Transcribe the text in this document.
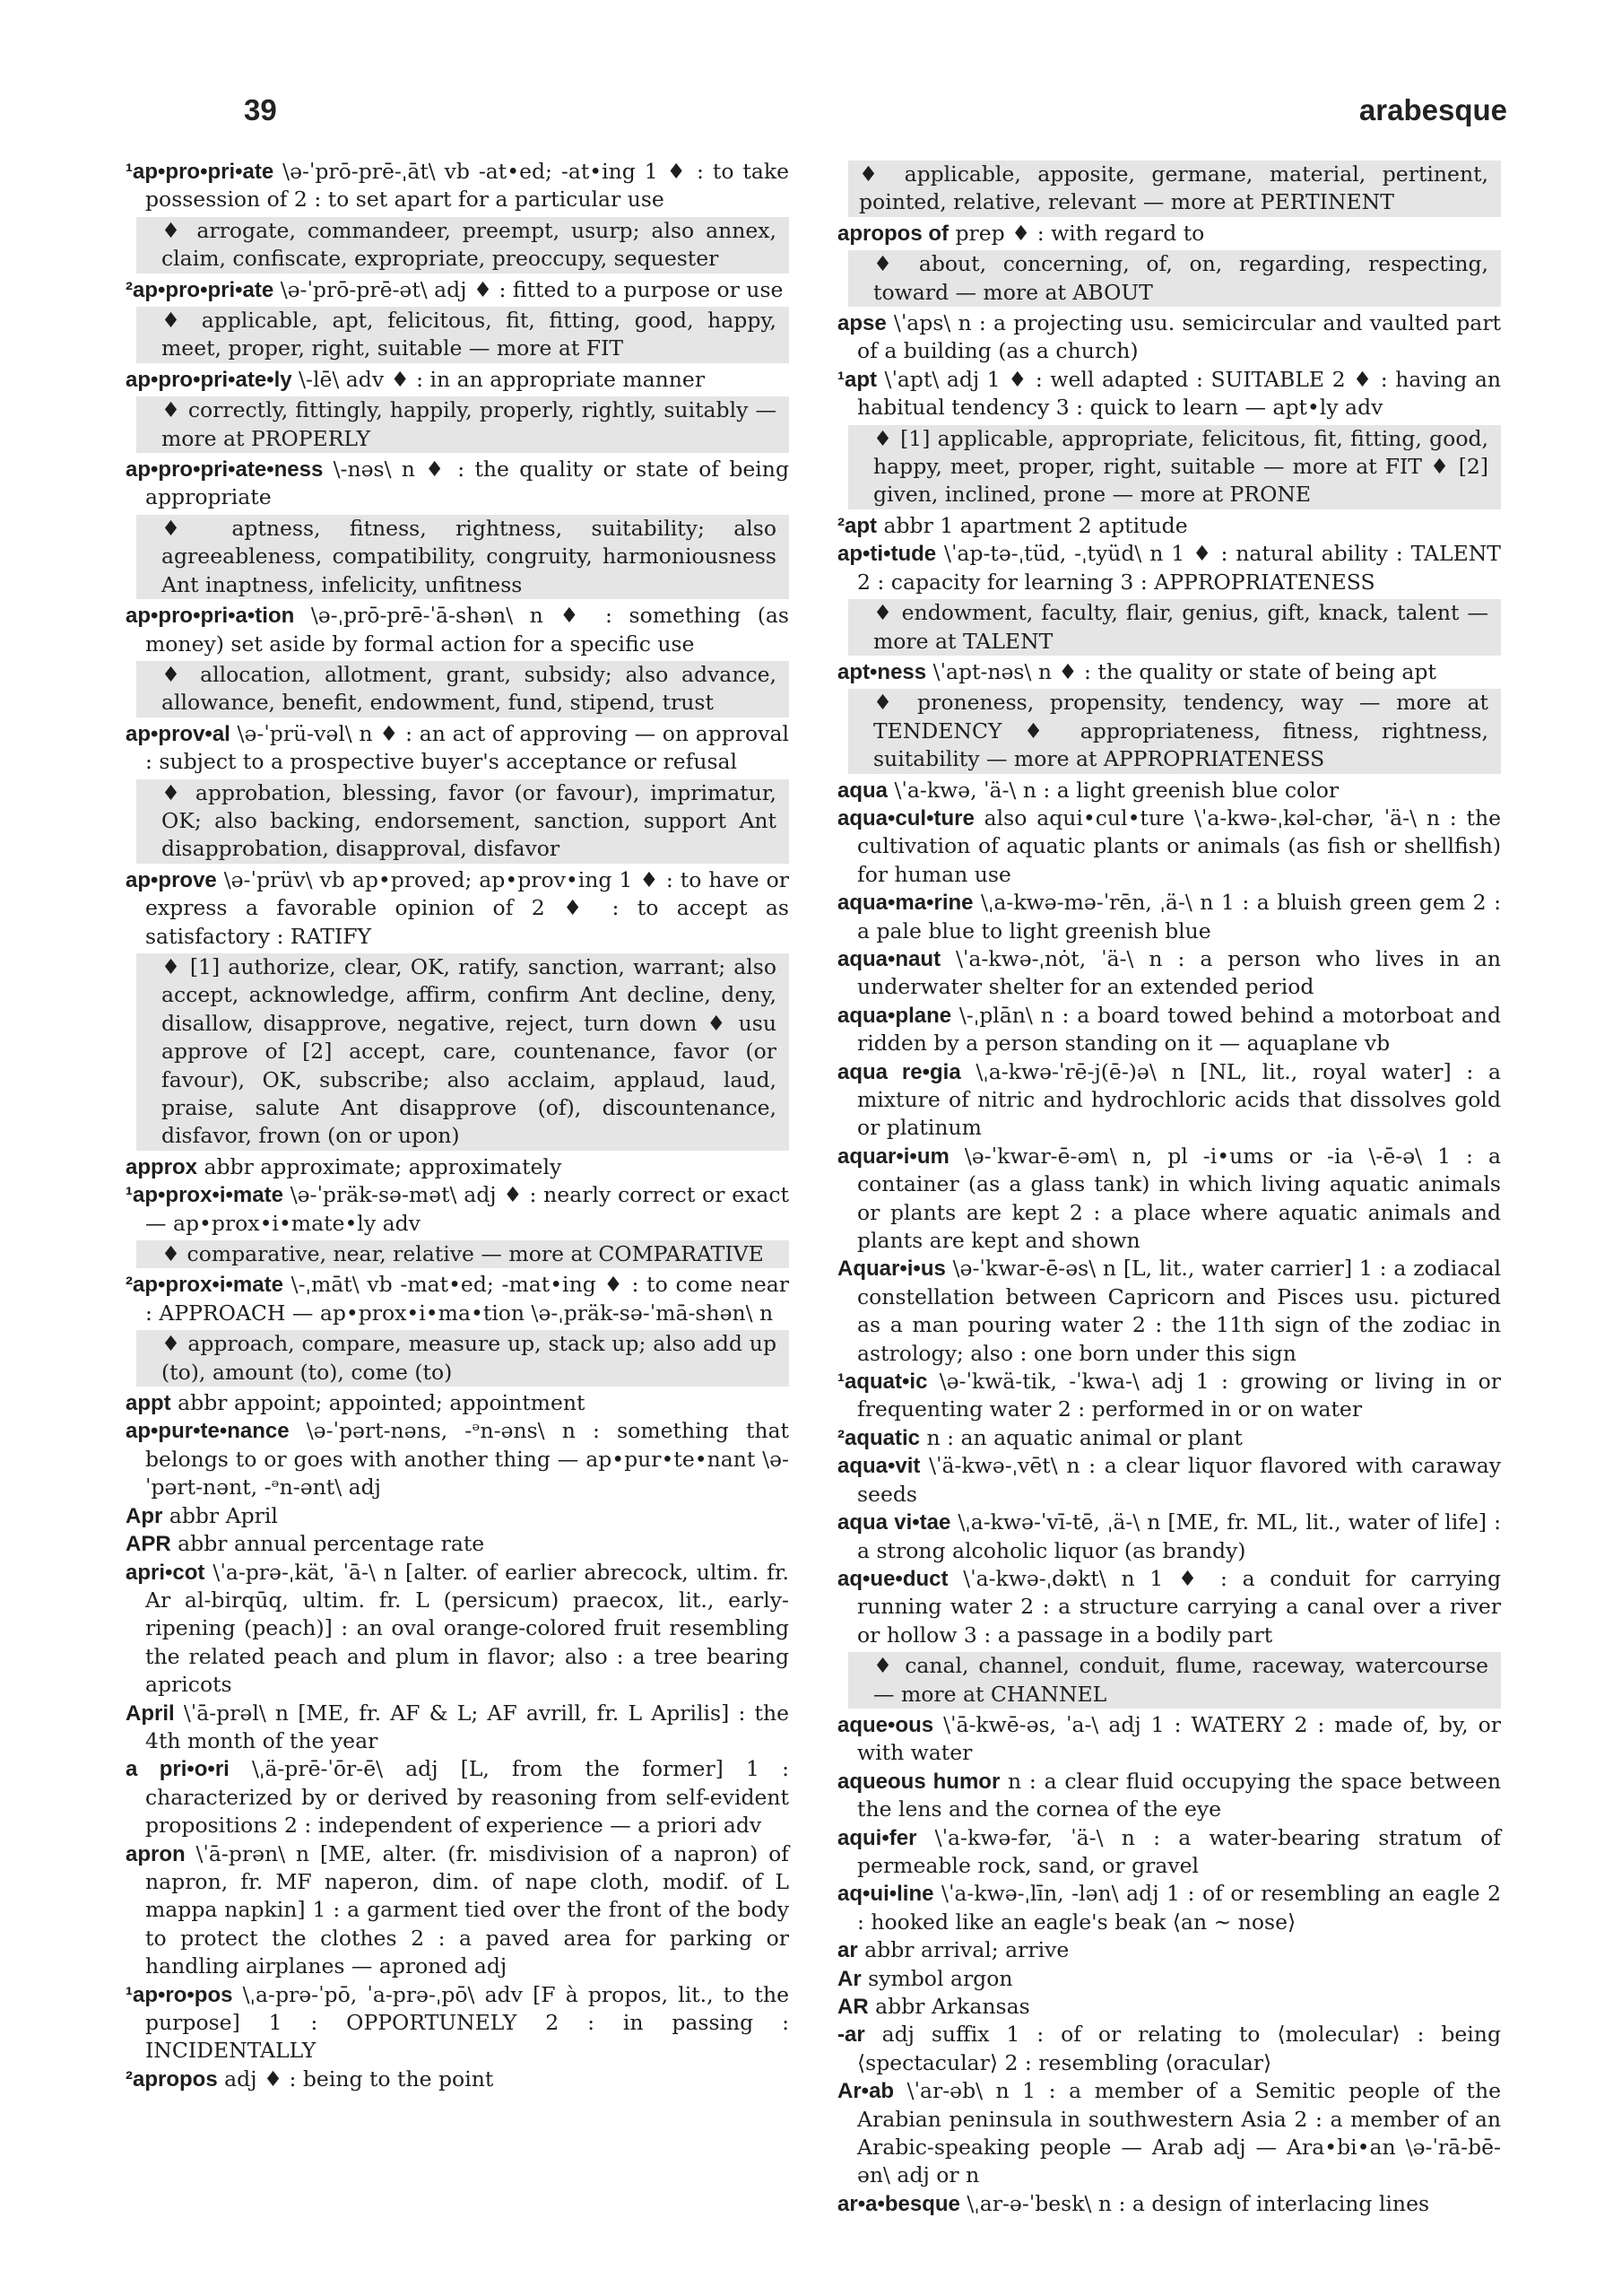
39	arabesque
¹ap•pro•pri•ate \ə-ˈprō-prē-ˌāt\ vb -at•ed; -at•ing 1 ♦ : to take possession of 2 : to set apart for a particular use
♦ arrogate, commandeer, preempt, usurp; also annex, claim, confiscate, expropriate, preoccupy, sequester
²ap•pro•pri•ate \ə-ˈprō-prē-ət\ adj ♦ : fitted to a purpose or use
♦ applicable, apt, felicitous, fit, fitting, good, happy, meet, proper, right, suitable — more at FIT
ap•pro•pri•ate•ly \-lē\ adv ♦ : in an appropriate manner
♦ correctly, fittingly, happily, properly, rightly, suitably — more at PROPERLY
ap•pro•pri•ate•ness \-nəs\ n ♦ : the quality or state of being appropriate
♦ aptness, fitness, rightness, suitability; also agreeableness, compatibility, congruity, harmoniousness Ant inaptness, infelicity, unfitness
ap•pro•pri•a•tion \ə-ˌprō-prē-ˈā-shən\ n ♦ : something (as money) set aside by formal action for a specific use
♦ allocation, allotment, grant, subsidy; also advance, allowance, benefit, endowment, fund, stipend, trust
ap•prov•al \ə-ˈprü-vəl\ n ♦ : an act of approving — on approval : subject to a prospective buyer's acceptance or refusal
♦ approbation, blessing, favor (or favour), imprimatur, OK; also backing, endorsement, sanction, support Ant disapprobation, disapproval, disfavor
ap•prove \ə-ˈprüv\ vb ap•proved; ap•prov•ing 1 ♦ : to have or express a favorable opinion of 2 ♦ : to accept as satisfactory : RATIFY
♦ [1] authorize, clear, OK, ratify, sanction, warrant; also accept, acknowledge, affirm, confirm Ant decline, deny, disallow, disapprove, negative, reject, turn down ♦ usu approve of [2] accept, care, countenance, favor (or favour), OK, subscribe; also acclaim, applaud, laud, praise, salute Ant disapprove (of), discountenance, disfavor, frown (on or upon)
approx abbr approximate; approximately
¹ap•prox•i•mate \ə-ˈpräk-sə-mət\ adj ♦ : nearly correct or exact — ap•prox•i•mate•ly adv
♦ comparative, near, relative — more at COMPARATIVE
²ap•prox•i•mate \-ˌmāt\ vb -mat•ed; -mat•ing ♦ : to come near : APPROACH — ap•prox•i•ma•tion \ə-ˌpräk-sə-ˈmā-shən\ n
♦ approach, compare, measure up, stack up; also add up (to), amount (to), come (to)
appt abbr appoint; appointed; appointment
ap•pur•te•nance \ə-ˈpərt-nəns, -ᵊn-əns\ n : something that belongs to or goes with another thing — ap•pur•te•nant \ə-ˈpərt-nənt, -ᵊn-ənt\ adj
Apr abbr April
APR abbr annual percentage rate
apri•cot \ˈa-prə-ˌkät, ˈā-\ n [alter. of earlier abrecock, ultim. fr. Ar al-birqūq, ultim. fr. L (persicum) praecox, lit., early-ripening (peach)] : an oval orange-colored fruit resembling the related peach and plum in flavor; also : a tree bearing apricots
April \ˈā-prəl\ n [ME, fr. AF & L; AF avrill, fr. L Aprilis] : the 4th month of the year
a pri•o•ri \ˌä-prē-ˈōr-ē\ adj [L, from the former] 1 : characterized by or derived by reasoning from self-evident propositions 2 : independent of experience — a priori adv
apron \ˈā-prən\ n [ME, alter. (fr. misdivision of a napron) of napron, fr. MF naperon, dim. of nape cloth, modif. of L mappa napkin] 1 : a garment tied over the front of the body to protect the clothes 2 : a paved area for parking or handling airplanes — aproned adj
¹ap•ro•pos \ˌa-prə-ˈpō, ˈa-prə-ˌpō\ adv [F à propos, lit., to the purpose] 1 : OPPORTUNELY 2 : in passing : INCIDENTALLY
²apropos adj ♦ : being to the point
♦ applicable, apposite, germane, material, pertinent, pointed, relative, relevant — more at PERTINENT
apropos of prep ♦ : with regard to
♦ about, concerning, of, on, regarding, respecting, toward — more at ABOUT
apse \ˈaps\ n : a projecting usu. semicircular and vaulted part of a building (as a church)
¹apt \ˈapt\ adj 1 ♦ : well adapted : SUITABLE 2 ♦ : having an habitual tendency 3 : quick to learn — apt•ly adv
♦ [1] applicable, appropriate, felicitous, fit, fitting, good, happy, meet, proper, right, suitable — more at FIT ♦ [2] given, inclined, prone — more at PRONE
²apt abbr 1 apartment 2 aptitude
ap•ti•tude \ˈap-tə-ˌtüd, -ˌtyüd\ n 1 ♦ : natural ability : TALENT 2 : capacity for learning 3 : APPROPRIATENESS
♦ endowment, faculty, flair, genius, gift, knack, talent — more at TALENT
apt•ness \ˈapt-nəs\ n ♦ : the quality or state of being apt
♦ proneness, propensity, tendency, way — more at TENDENCY ♦ appropriateness, fitness, rightness, suitability — more at APPROPRIATENESS
aqua \ˈa-kwə, ˈä-\ n : a light greenish blue color
aqua•cul•ture also aqui•cul•ture \ˈa-kwə-ˌkəl-chər, ˈä-\ n : the cultivation of aquatic plants or animals (as fish or shellfish) for human use
aqua•ma•rine \ˌa-kwə-mə-ˈrēn, ˌä-\ n 1 : a bluish green gem 2 : a pale blue to light greenish blue
aqua•naut \ˈa-kwə-ˌnȯt, ˈä-\ n : a person who lives in an underwater shelter for an extended period
aqua•plane \-ˌplān\ n : a board towed behind a motorboat and ridden by a person standing on it — aquaplane vb
aqua re•gia \ˌa-kwə-ˈrē-j(ē-)ə\ n [NL, lit., royal water] : a mixture of nitric and hydrochloric acids that dissolves gold or platinum
aquar•i•um \ə-ˈkwar-ē-əm\ n, pl -i•ums or -ia \-ē-ə\ 1 : a container (as a glass tank) in which living aquatic animals or plants are kept 2 : a place where aquatic animals and plants are kept and shown
Aquar•i•us \ə-ˈkwar-ē-əs\ n [L, lit., water carrier] 1 : a zodiacal constellation between Capricorn and Pisces usu. pictured as a man pouring water 2 : the 11th sign of the zodiac in astrology; also : one born under this sign
¹aquat•ic \ə-ˈkwä-tik, -ˈkwa-\ adj 1 : growing or living in or frequenting water 2 : performed in or on water
²aquatic n : an aquatic animal or plant
aqua•vit \ˈä-kwə-ˌvēt\ n : a clear liquor flavored with caraway seeds
aqua vi•tae \ˌa-kwə-ˈvī-tē, ˌä-\ n [ME, fr. ML, lit., water of life] : a strong alcoholic liquor (as brandy)
aq•ue•duct \ˈa-kwə-ˌdəkt\ n 1 ♦ : a conduit for carrying running water 2 : a structure carrying a canal over a river or hollow 3 : a passage in a bodily part
♦ canal, channel, conduit, flume, raceway, watercourse — more at CHANNEL
aque•ous \ˈā-kwē-əs, ˈa-\ adj 1 : WATERY 2 : made of, by, or with water
aqueous humor n : a clear fluid occupying the space between the lens and the cornea of the eye
aqui•fer \ˈa-kwə-fər, ˈä-\ n : a water-bearing stratum of permeable rock, sand, or gravel
aq•ui•line \ˈa-kwə-ˌlīn, -lən\ adj 1 : of or resembling an eagle 2 : hooked like an eagle's beak ⟨an ∼ nose⟩
ar abbr arrival; arrive
Ar symbol argon
AR abbr Arkansas
-ar adj suffix 1 : of or relating to ⟨molecular⟩ : being ⟨spectacular⟩ 2 : resembling ⟨oracular⟩
Ar•ab \ˈar-əb\ n 1 : a member of a Semitic people of the Arabian peninsula in southwestern Asia 2 : a member of an Arabic-speaking people — Arab adj — Ara•bi•an \ə-ˈrā-bē-ən\ adj or n
ar•a•besque \ˌar-ə-ˈbesk\ n : a design of interlacing lines
